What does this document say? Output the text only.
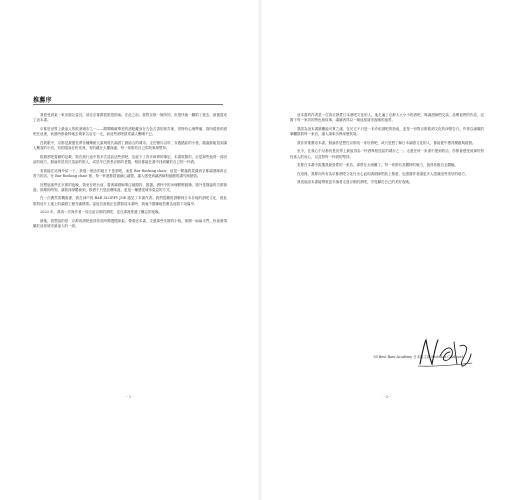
推薦序

我曾受到某一家出版社委託，前往京都撰寫旅遊指南。在此之前，我對京都一無所知，但很快就一腳陷了進去，最後寫成了這本書。

京都是世界上最迷人的飲酒城市之一——間間精緻華美的酒吧藏身在古色古香的巷弄裡，常特有心理準備，我所經營的酒吧在這裡，前進時都會特地去幾家名店走一走，而這些酒吧經常讓人驚嘆不已。

在我眼中，京都是最擅長將各種傳統元素與現代調酒工藝結合的城市。走在鴨川沿岸、穿過錯綜的小巷，隨處都能找到讓人驚喜的小店，有的隱身在町家裡，有的藏在大樓深處，每一家都有自己的故事與堅持。

根據酒吧書籍的記載，我在旅行途中曾多次造訪這些酒吧，也留下了許多珍貴的筆記。本書收錄的，正是那些值得一再回訪的地方。無論你是初次造訪的旅人，或是早已熟悉京都的老饕，相信都能在書中找到屬於自己的一杯酒。

若我能在這裡介紹一下，我第一個去的地方不是酒吧，而是 Bar Rocking chair，這是一間讓我見識到京都調酒師真正實力的店。在 Bar Rocking chair 裡，每一杯酒都經過細心調製，讓人感受到調酒師對細節的講究與熱情。

回想起那些在京都的夜晚，我坐在吧台前，看著調酒師專注地攪拌、搖盪，酒杯中的冰塊輕輕碰撞，窗外是靜謐的古都街道。那樣的時刻，讓我深深體會到，飲酒不只是品嚐味道，更是一種感受城市氣息的方式。

在一次偶然的機會裡，我在神戶的 BAR SLOPPY JOE 遇見了本書作者。我們從雞尾酒聊到日本各地的酒吧文化，彼此都對這片土地上的調酒工藝充滿熱情。當他告訴我正在撰寫這本書時，我毫不猶豫地答應為他寫下這篇序。

2023 年，我再一次與作者一同走訪京都的酒吧，並在那裡度過了難忘的夜晚。

最後，我想說的是：京都的酒吧值得你花時間慢慢探索。帶著這本書，走進那些安靜的小巷，推開一扇扇木門，你會發現屬於這座城市最迷人的一面。

- 1 -

這本書的作者是一位真正熱愛日本酒吧文化的人。他走遍了京都大大小小的酒吧，與調酒師們交談，品嚐他們的作品，記錄下每一家店的特色與故事，讓讀者得以一窺這座城市夜晚的風景。

我認為這本書最難能可貴之處，在於它不只是一本介紹酒吧的指南，更是一份對京都飲酒文化的深情告白。作者以細膩的筆觸描寫每一家店，讓人讀來彷彿身歷其境。

我非常推薦這本書，無論你是想在京都找一家好酒吧，或只是想了解日本調酒文化的人，都能從中獲得樂趣與啟發。

至今，在我心中京都仍是世界上最值得為一杯酒專程造訪的城市之一。走進任何一家書中提到的店，你都會感受到那份對待客人的用心，以及對每一杯酒的堅持。

若要在本書中挑選我最喜愛的一家店，那實在太困難了。每一家都有其獨特的魅力，值得你親自去體驗。

在這裡，我要向所有為京都酒吧文化付出心血的調酒師們致上敬意，也感謝作者讓更多人認識這些美好的地方。

我祝福這本書能帶領更多讀者走進京都的酒吧，享受屬於自己的美好夜晚。

50 Best Bars Academy 日本區主席 Nicholas Coldicott
- 2 -
